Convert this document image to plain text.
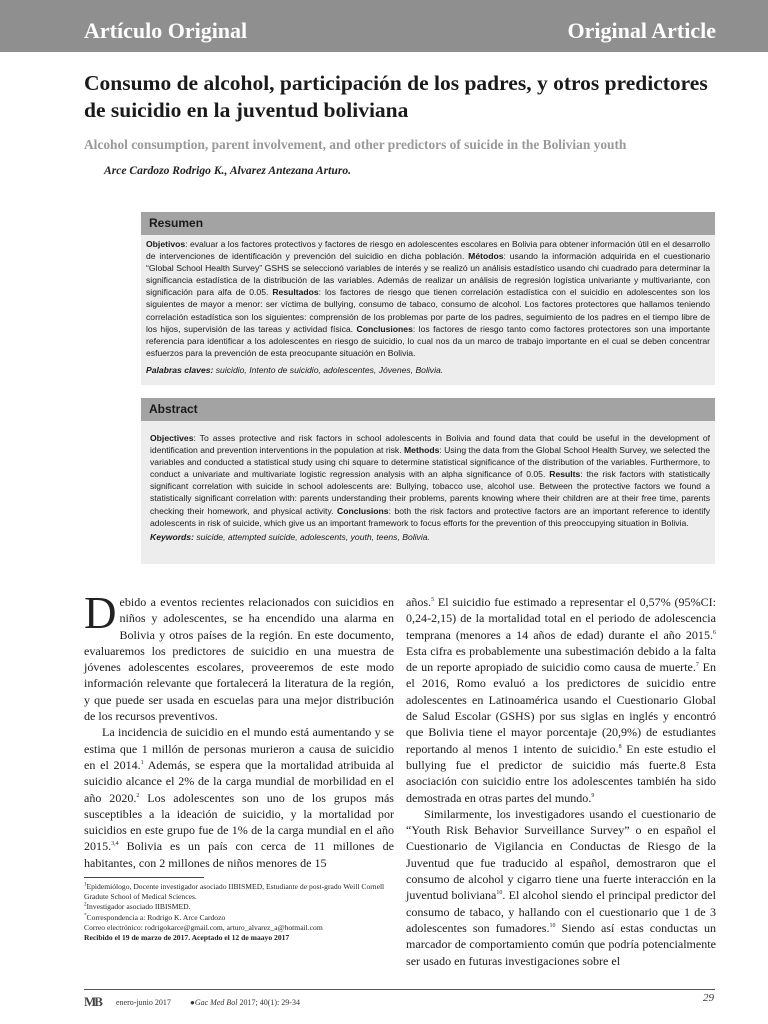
Artículo Original	Original Article
Consumo de alcohol, participación de los padres, y otros predictores de suicidio en la juventud boliviana
Alcohol consumption, parent involvement, and other predictors of suicide in the Bolivian youth
Arce Cardozo Rodrigo K., Alvarez Antezana Arturo.
Resumen

Objetivos: evaluar a los factores protectivos y factores de riesgo en adolescentes escolares en Bolivia para obtener información útil en el desarrollo de intervenciones de identificación y prevención del suicidio en dicha población. Métodos: usando la información adquirida en el cuestionario “Global School Health Survey” GSHS se seleccionó variables de interés y se realizó un análisis estadístico usando chi cuadrado para determinar la significancia estadística de la distribución de las variables. Además de realizar un análisis de regresión logística univariante y multivariante, con significación para alfa de 0.05. Resultados: los factores de riesgo que tienen correlación estadística con el suicidio en adolescentes son los siguientes de mayor a menor: ser víctima de bullying, consumo de tabaco, consumo de alcohol. Los factores protectores que hallamos teniendo correlación estadística son los siguientes: comprensión de los problemas por parte de los padres, seguimiento de los padres en el tiempo libre de los hijos, supervisión de las tareas y actividad física. Conclusiones: los factores de riesgo tanto como factores protectores son una importante referencia para identificar a los adolescentes en riesgo de suicidio, lo cual nos da un marco de trabajo importante en el cual se deben concentrar esfuerzos para la prevención de esta preocupante situación en Bolivia.

Palabras claves: suicidio, Intento de suicidio, adolescentes, Jóvenes, Bolivia.

Abstract

Objectives: To asses protective and risk factors in school adolescents in Bolivia and found data that could be useful in the development of identification and prevention interventions in the population at risk. Methods: Using the data from the Global School Health Survey, we selected the variables and conducted a statistical study using chi square to determine statistical significance of the distribution of the variables. Furthermore, to conduct a univariate and multivariate logistic regression analysis with an alpha significance of 0.05. Results: the risk factors with statistically significant correlation with suicide in school adolescents are: Bullying, tobacco use, alcohol use. Between the protective factors we found a statistically significant correlation with: parents understanding their problems, parents knowing where their children are at their free time, parents checking their homework, and physical activity. Conclusions: both the risk factors and protective factors are an important reference to identify adolescents in risk of suicide, which give us an important framework to focus efforts for the prevention of this preoccupying situation in Bolivia.

Keywords: suicide, attempted suicide, adolescents, youth, teens, Bolivia.

Debido a eventos recientes relacionados con suicidios en niños y adolescentes, se ha encendido una alarma en Bolivia y otros países de la región. En este documento, evaluaremos los predictores de suicidio en una muestra de jóvenes adolescentes escolares, proveeremos de este modo información relevante que fortalecerá la literatura de la región, y que puede ser usada en escuelas para una mejor distribución de los recursos preventivos.

La incidencia de suicidio en el mundo está aumentando y se estima que 1 millón de personas murieron a causa de suicidio en el 2014.$^1$ Además, se espera que la mortalidad atribuida al suicidio alcance el 2% de la carga mundial de morbilidad en el año 2020.$^2$ Los adolescentes son uno de los grupos más susceptibles a la ideación de suicidio, y la mortalidad por suicidios en este grupo fue de 1% de la carga mundial en el año 2015.$^{3,4}$ Bolivia es un país con cerca de 11 millones de habitantes, con 2 millones de niños menores de 15

años.$^5$ El suicidio fue estimado a representar el 0,57% (95%CI: 0,24-2,15) de la mortalidad total en el periodo de adolescencia temprana (menores a 14 años de edad) durante el año 2015.$^6$ Esta cifra es probablemente una subestimación debido a la falta de un reporte apropiado de suicidio como causa de muerte.$^7$ En el 2016, Romo evaluó a los predictores de suicidio entre adolescentes en Latinoamérica usando el Cuestionario Global de Salud Escolar (GSHS) por sus siglas en inglés y encontró que Bolivia tiene el mayor porcentaje (20,9%) de estudiantes reportando al menos 1 intento de suicidio.$^8$ En este estudio el bullying fue el predictor de suicidio más fuerte.8 Esta asociación con suicidio entre los adolescentes también ha sido demostrada en otras partes del mundo.$^9$

Similarmente, los investigadores usando el cuestionario de “Youth Risk Behavior Surveillance Survey” o en español el Cuestionario de Vigilancia en Conductas de Riesgo de la Juventud que fue traducido al español, demostraron que el consumo de alcohol y cigarro tiene una fuerte interacción en la juventud boliviana$^{10}$. El alcohol siendo el principal predictor del consumo de tabaco, y hallando con el cuestionario que 1 de 3 adolescentes son fumadores.$^{10}$ Siendo así estas conductas un marcador de comportamiento común que podría potencialmente ser usado en futuras investigaciones sobre el

$^1$Epidemiólogo, Docente investigador asociado IIBISMED, Estudiante de post-grado Weill Cornell Gradute School of Medical Sciences.

$^2$Investigador asociado IIBISMED.

*Correspondencia a: Rodrigo K. Arce Cardozo

Correo electrónico: rodrigokarce@gmail.com, arturo_alvarez_a@hotmail.com

Recibido el 19 de marzo de 2017. Aceptado el 12 de maayo 2017

MB	enero-junio 2017 ●Gac Med Bol 2017; 40(1): 29-34	29
